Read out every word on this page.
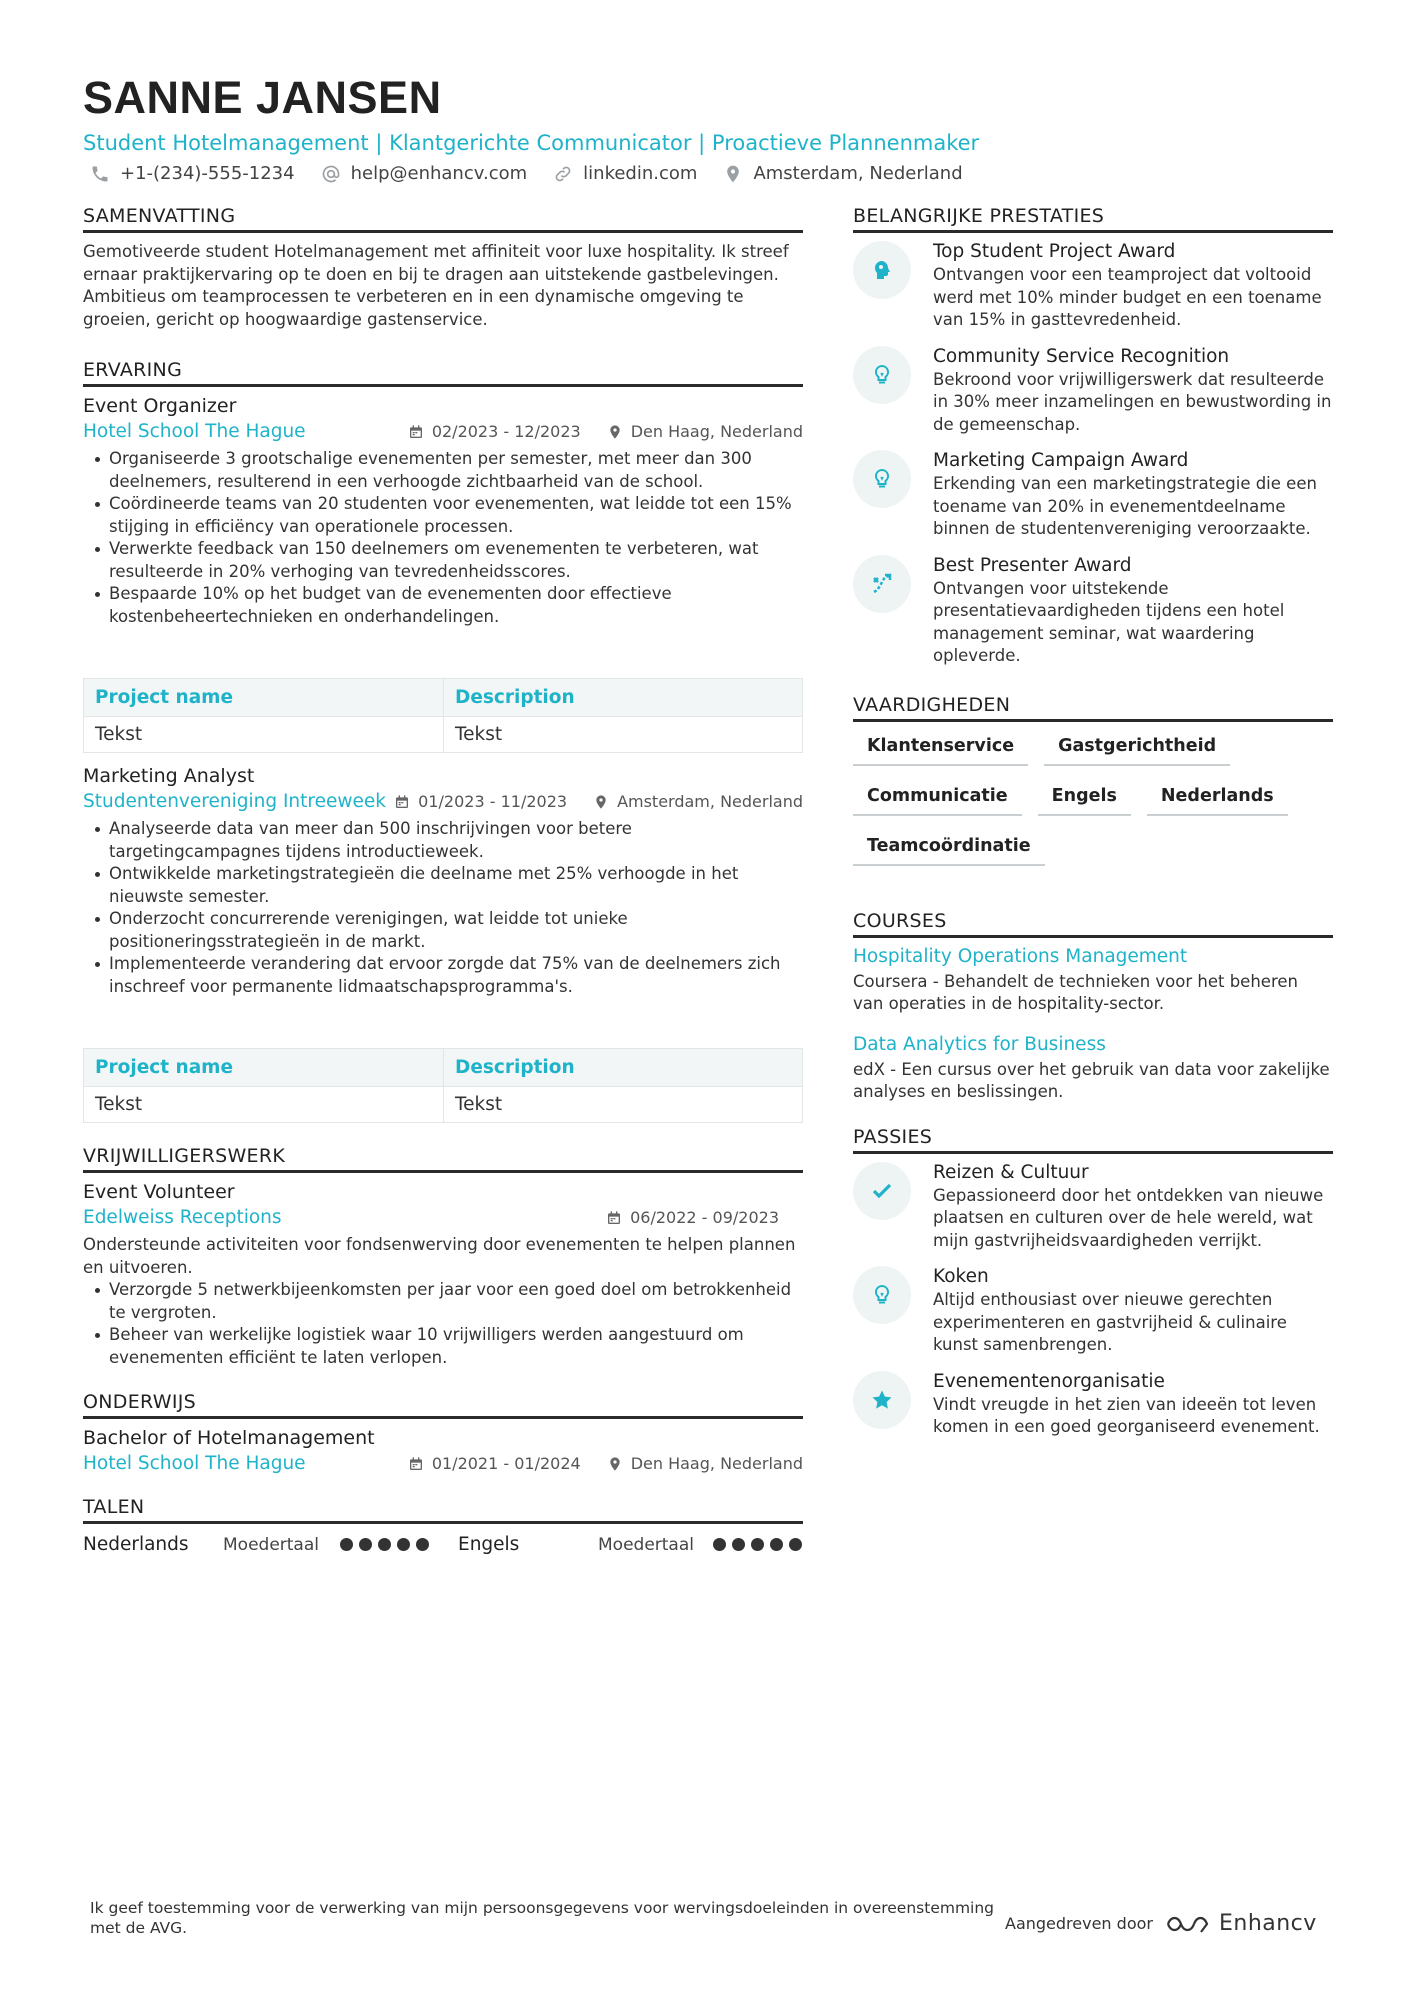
SANNE JANSEN
Student Hotelmanagement | Klantgerichte Communicator | Proactieve Plannenmaker
+1-(234)-555-1234	help@enhancv.com	linkedin.com	Amsterdam, Nederland
SAMENVATTING

Gemotiveerde student Hotelmanagement met affiniteit voor luxe hospitality. Ik streef ernaar praktijkervaring op te doen en bij te dragen aan uitstekende gastbelevingen. Ambitieus om teamprocessen te verbeteren en in een dynamische omgeving te groeien, gericht op hoogwaardige gastenservice.

ERVARING
Event Organizer
Hotel School The Hague	02/2023 - 12/2023	Den Haag, Nederland
Organiseerde 3 grootschalige evenementen per semester, met meer dan 300 deelnemers, resulterend in een verhoogde zichtbaarheid van de school.
Coördineerde teams van 20 studenten voor evenementen, wat leidde tot een 15% stijging in efficiëncy van operationele processen.
Verwerkte feedback van 150 deelnemers om evenementen te verbeteren, wat resulteerde in 20% verhoging van tevredenheidsscores.
Bespaarde 10% op het budget van de evenementen door effectieve kostenbeheertechnieken en onderhandelingen.
Project name	Description
Tekst	Tekst
Marketing Analyst
Studentenvereniging Intreeweek 01/2023 - 11/2023	Amsterdam, Nederland
Analyseerde data van meer dan 500 inschrijvingen voor betere targetingcampagnes tijdens introductieweek.
Ontwikkelde marketingstrategieën die deelname met 25% verhoogde in het nieuwste semester.
Onderzocht concurrerende verenigingen, wat leidde tot unieke positioneringsstrategieën in de markt.
Implementeerde verandering dat ervoor zorgde dat 75% van de deelnemers zich inschreef voor permanente lidmaatschapsprogramma's.
Project name	Description
Tekst	Tekst
VRIJWILLIGERSWERK
Event Volunteer
Edelweiss Receptions	06/2022 - 09/2023

Ondersteunde activiteiten voor fondsenwerving door evenementen te helpen plannen en uitvoeren.

Verzorgde 5 netwerkbijeenkomsten per jaar voor een goed doel om betrokkenheid te vergroten.
Beheer van werkelijke logistiek waar 10 vrijwilligers werden aangestuurd om evenementen efficiënt te laten verlopen.
ONDERWIJS
Bachelor of Hotelmanagement
Hotel School The Hague	01/2021 - 01/2024	Den Haag, Nederland
TALEN
Nederlands	Moedertaal	Engels	Moedertaal
BELANGRIJKE PRESTATIES
Top Student Project Award
Ontvangen voor een teamproject dat voltooid werd met 10% minder budget en een toename van 15% in gasttevredenheid.
Community Service Recognition
Bekroond voor vrijwilligerswerk dat resulteerde in 30% meer inzamelingen en bewustwording in de gemeenschap.
Marketing Campaign Award
Erkending van een marketingstrategie die een toename van 20% in evenementdeelname binnen de studentenvereniging veroorzaakte.
Best Presenter Award
Ontvangen voor uitstekende presentatievaardigheden tijdens een hotel management seminar, wat waardering opleverde.
VAARDIGHEDEN
Klantenservice	Gastgerichtheid
Communicatie	Engels	Nederlands
Teamcoördinatie
COURSES
Hospitality Operations Management
Coursera - Behandelt de technieken voor het beheren van operaties in de hospitality-sector.
Data Analytics for Business
edX - Een cursus over het gebruik van data voor zakelijke analyses en beslissingen.
PASSIES
Reizen & Cultuur
Gepassioneerd door het ontdekken van nieuwe plaatsen en culturen over de hele wereld, wat mijn gastvrijheidsvaardigheden verrijkt.
Koken
Altijd enthousiast over nieuwe gerechten experimenteren en gastvrijheid & culinaire kunst samenbrengen.
Evenementenorganisatie
Vindt vreugde in het zien van ideeën tot leven komen in een goed georganiseerd evenement.
Ik geef toestemming voor de verwerking van mijn persoonsgegevens voor wervingsdoeleinden in overeenstemming met de AVG.	Aangedreven door	Enhancv
